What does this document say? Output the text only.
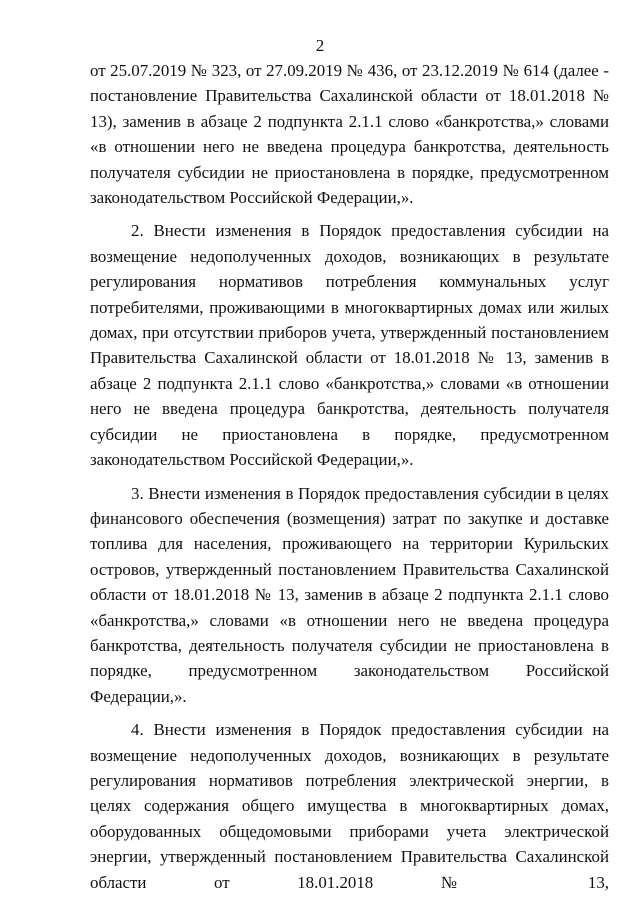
2

от 25.07.2019 № 323, от 27.09.2019 № 436, от 23.12.2019 № 614 (далее - постановление Правительства Сахалинской области от 18.01.2018 № 13), заменив в абзаце 2 подпункта 2.1.1 слово «банкротства,» словами «в отношении него не введена процедура банкротства, деятельность получателя субсидии не приостановлена в порядке, предусмотренном законодательством Российской Федерации,».

2. Внести изменения в Порядок предоставления субсидии на возмещение недополученных доходов, возникающих в результате регулирования нормативов потребления коммунальных услуг потребителями, проживающими в многоквартирных домах или жилых домах, при отсутствии приборов учета, утвержденный постановлением Правительства Сахалинской области от 18.01.2018 № 13, заменив в абзаце 2 подпункта 2.1.1 слово «банкротства,» словами «в отношении него не введена процедура банкротства, деятельность получателя субсидии не приостановлена в порядке, предусмотренном законодательством Российской Федерации,».

3. Внести изменения в Порядок предоставления субсидии в целях финансового обеспечения (возмещения) затрат по закупке и доставке топлива для населения, проживающего на территории Курильских островов, утвержденный постановлением Правительства Сахалинской области от 18.01.2018 № 13, заменив в абзаце 2 подпункта 2.1.1 слово «банкротства,» словами «в отношении него не введена процедура банкротства, деятельность получателя субсидии не приостановлена в порядке, предусмотренном законодательством Российской Федерации,».

4. Внести изменения в Порядок предоставления субсидии на возмещение недополученных доходов, возникающих в результате регулирования нормативов потребления электрической энергии, в целях содержания общего имущества в многоквартирных домах, оборудованных общедомовыми приборами учета электрической энергии, утвержденный постановлением Правительства Сахалинской области от 18.01.2018 № 13,
